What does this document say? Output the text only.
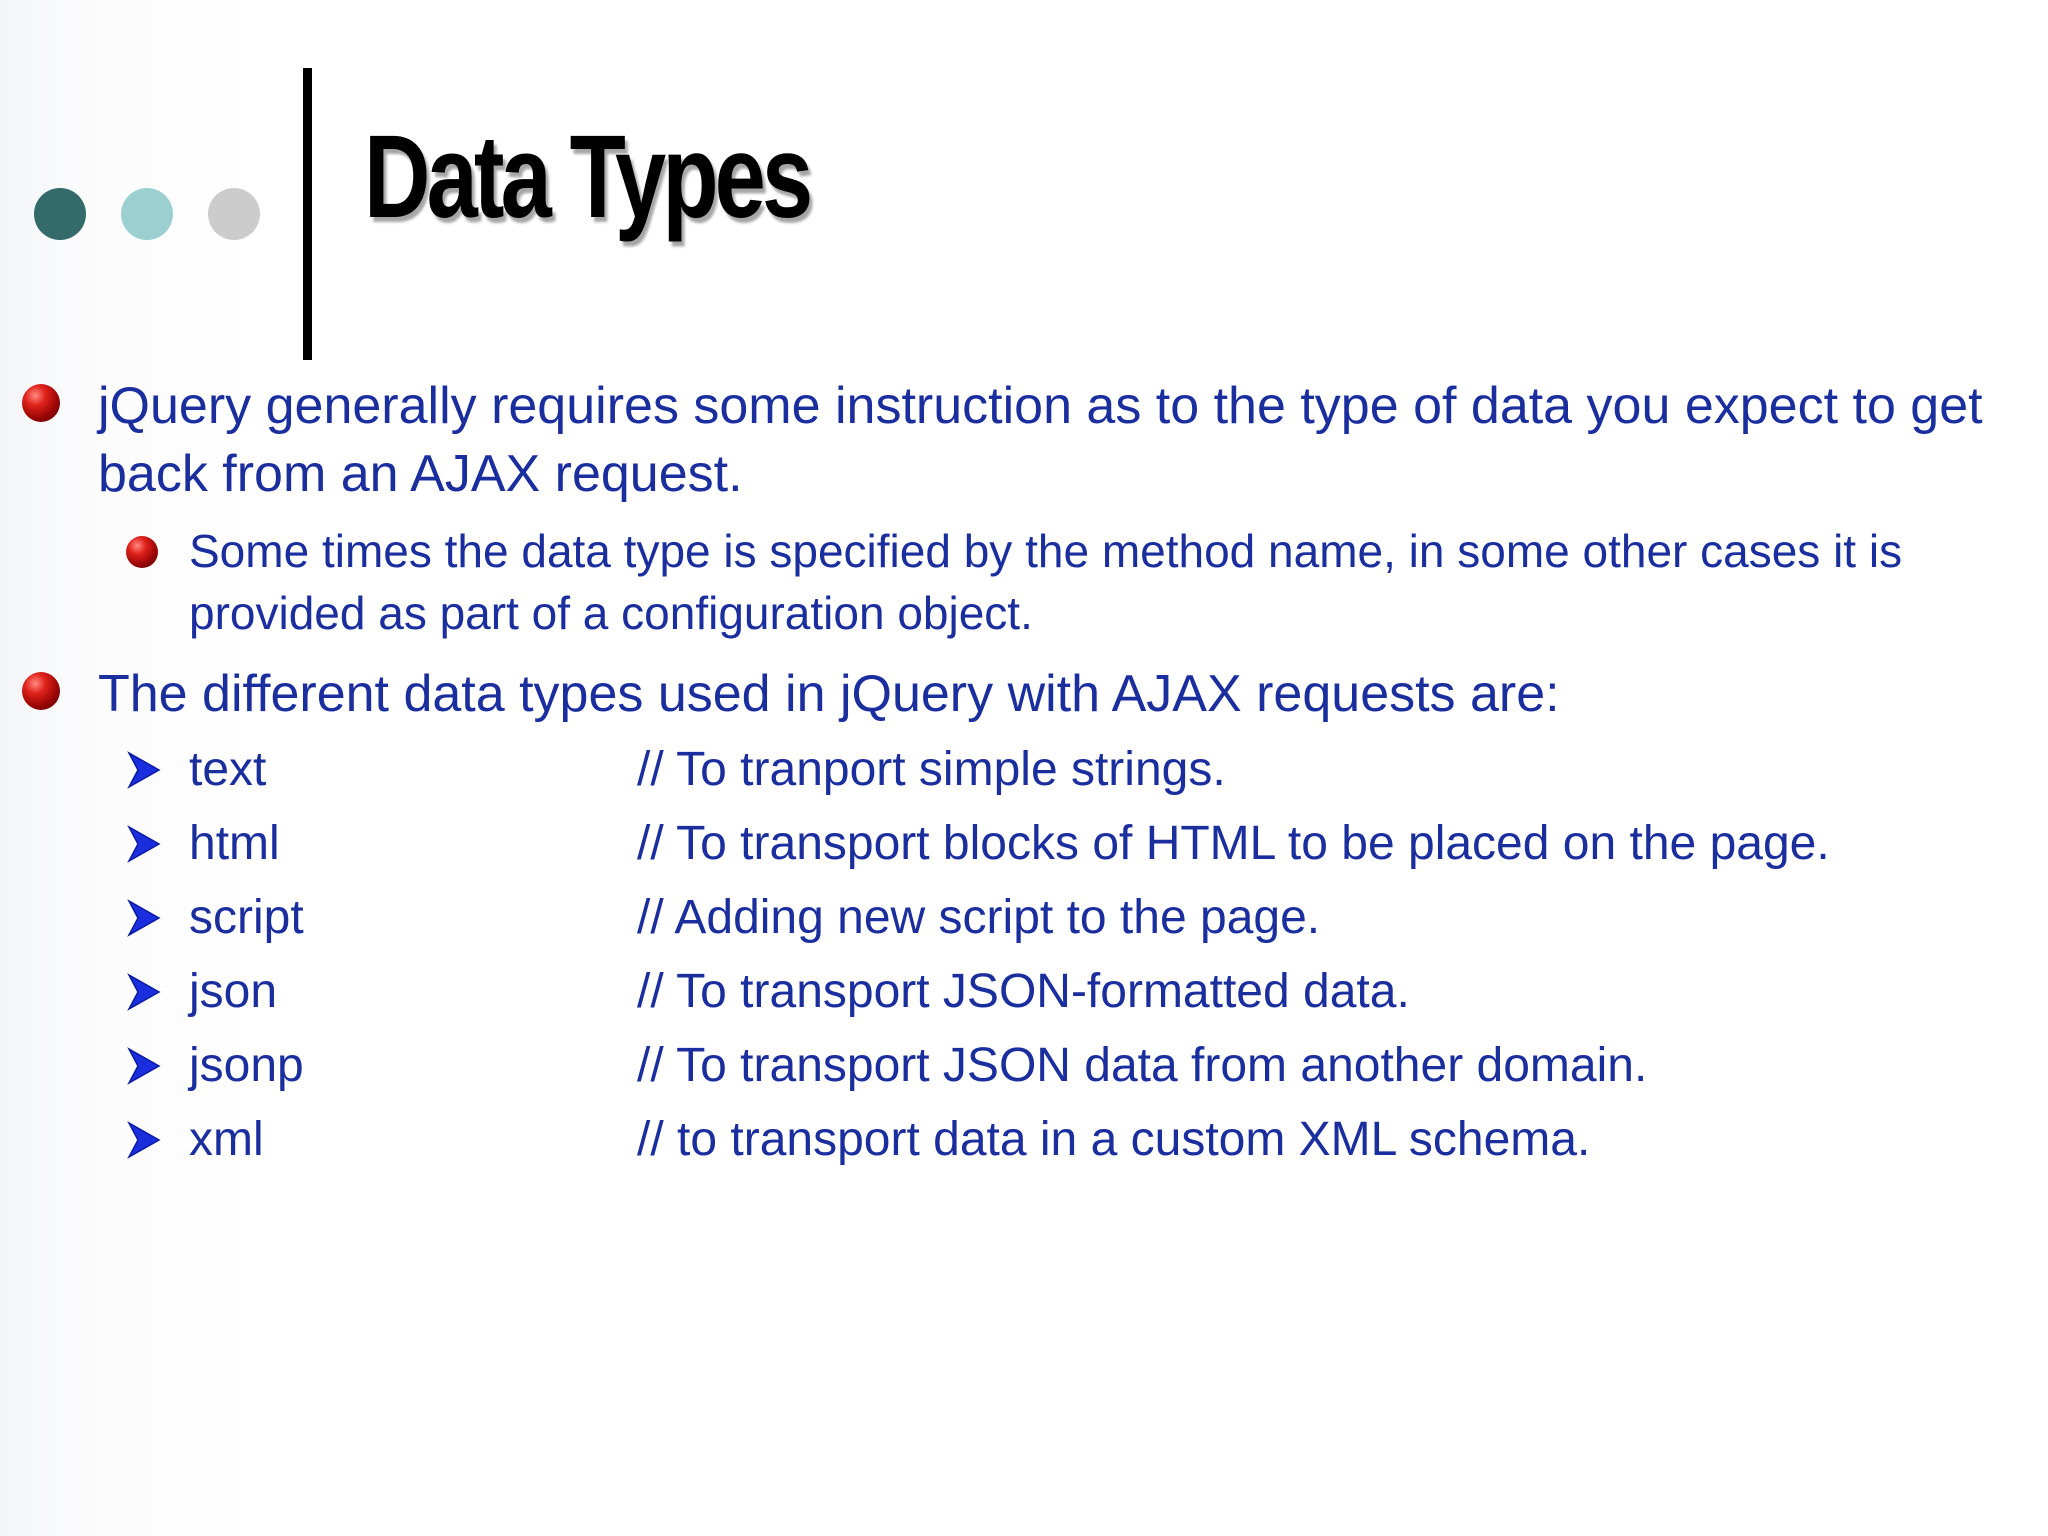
Data Types

jQuery generally requires some instruction as to the type of data you expect to get back from an AJAX request.

Some times the data type is specified by the method name, in some other cases it is provided as part of a configuration object.

The different data types used in jQuery with AJAX requests are:

text	// To tranport simple strings.
html	// To transport blocks of HTML to be placed on the page.
script	// Adding new script to the page.
json	// To transport JSON-formatted data.
jsonp	// To transport JSON data from another domain.
xml	// to transport data in a custom XML schema.
